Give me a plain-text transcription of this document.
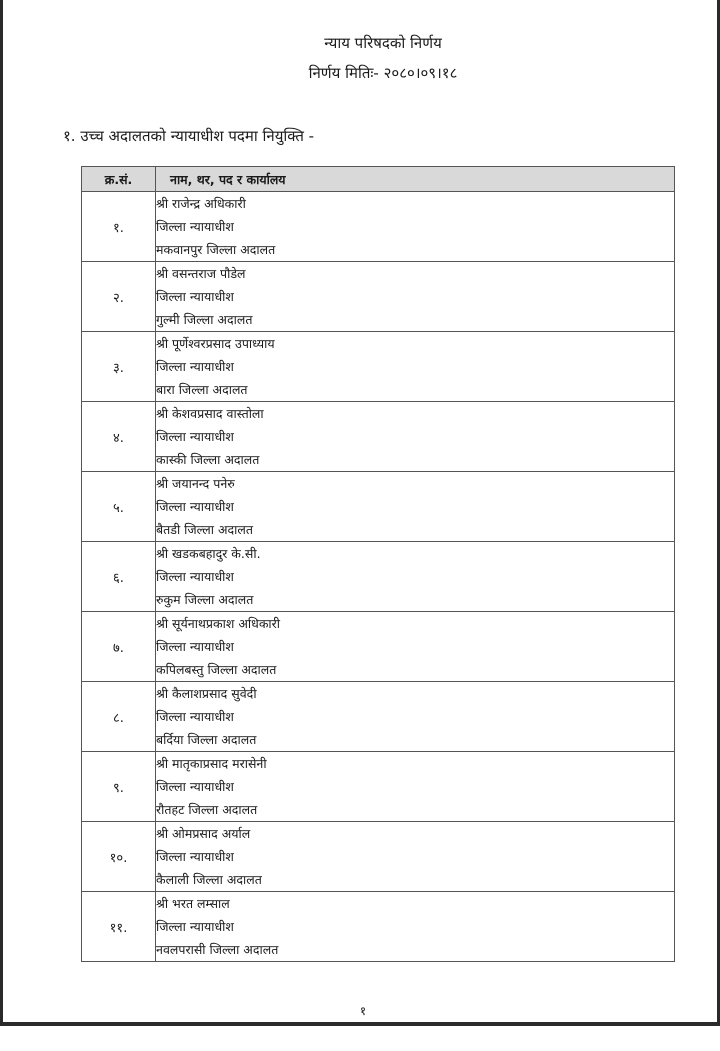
न्याय परिषदको निर्णय
निर्णय मितिः- २०८०।०९।१८
१. उच्च अदालतको न्यायाधीश पदमा नियुक्ति -
क्र.सं.	नाम, थर, पद र कार्यालय
१.	श्री राजेन्द्र अधिकारी
जिल्ला न्यायाधीश
मकवानपुर जिल्ला अदालत

२.	श्री वसन्तराज पौडेल
जिल्ला न्यायाधीश
गुल्मी जिल्ला अदालत

३.	श्री पूर्णेश्वरप्रसाद उपाध्याय
जिल्ला न्यायाधीश
बारा जिल्ला अदालत

४.	श्री केशवप्रसाद वास्तोला
जिल्ला न्यायाधीश
कास्की जिल्ला अदालत

५.	श्री जयानन्द पनेरु
जिल्ला न्यायाधीश
बैतडी जिल्ला अदालत

६.	श्री खडकबहादुर के.सी.
जिल्ला न्यायाधीश
रुकुम जिल्ला अदालत

७.	श्री सूर्यनाथप्रकाश अधिकारी
जिल्ला न्यायाधीश
कपिलबस्तु जिल्ला अदालत

८.	श्री कैलाशप्रसाद सुवेदी
जिल्ला न्यायाधीश
बर्दिया जिल्ला अदालत

९.	श्री मातृकाप्रसाद मरासेनी
जिल्ला न्यायाधीश
रौतहट जिल्ला अदालत

१०.	श्री ओमप्रसाद अर्याल
जिल्ला न्यायाधीश
कैलाली जिल्ला अदालत

११.	श्री भरत लम्साल
जिल्ला न्यायाधीश
नवलपरासी जिल्ला अदालत
१
